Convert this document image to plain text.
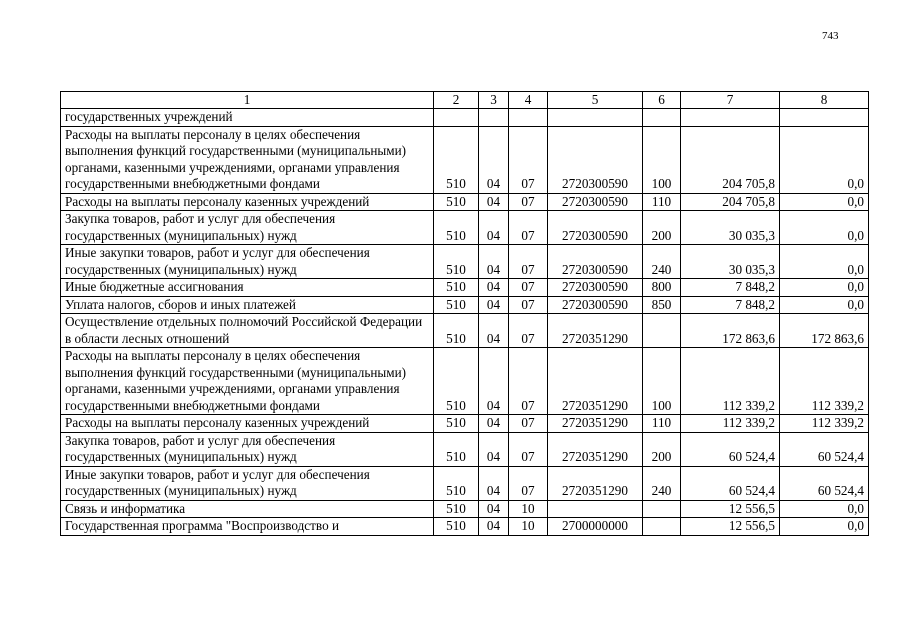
743
1	2	3	4	5	6	7	8
государственных учреждений							
Расходы на выплаты персоналу в целях обеспечения выполнения функций государственными (муниципальными) органами, казенными учреждениями, органами управления государственными внебюджетными фондами	510	04	07	2720300590	100	204 705,8	0,0
Расходы на выплаты персоналу казенных учреждений	510	04	07	2720300590	110	204 705,8	0,0
Закупка товаров, работ и услуг для обеспечения государственных (муниципальных) нужд	510	04	07	2720300590	200	30 035,3	0,0
Иные закупки товаров, работ и услуг для обеспечения государственных (муниципальных) нужд	510	04	07	2720300590	240	30 035,3	0,0
Иные бюджетные ассигнования	510	04	07	2720300590	800	7 848,2	0,0
Уплата налогов, сборов и иных платежей	510	04	07	2720300590	850	7 848,2	0,0
Осуществление отдельных полномочий Российской Федерации в области лесных отношений	510	04	07	2720351290		172 863,6	172 863,6
Расходы на выплаты персоналу в целях обеспечения выполнения функций государственными (муниципальными) органами, казенными учреждениями, органами управления государственными внебюджетными фондами	510	04	07	2720351290	100	112 339,2	112 339,2
Расходы на выплаты персоналу казенных учреждений	510	04	07	2720351290	110	112 339,2	112 339,2
Закупка товаров, работ и услуг для обеспечения государственных (муниципальных) нужд	510	04	07	2720351290	200	60 524,4	60 524,4
Иные закупки товаров, работ и услуг для обеспечения государственных (муниципальных) нужд	510	04	07	2720351290	240	60 524,4	60 524,4
Связь и информатика	510	04	10			12 556,5	0,0
Государственная программа "Воспроизводство и	510	04	10	2700000000		12 556,5	0,0
